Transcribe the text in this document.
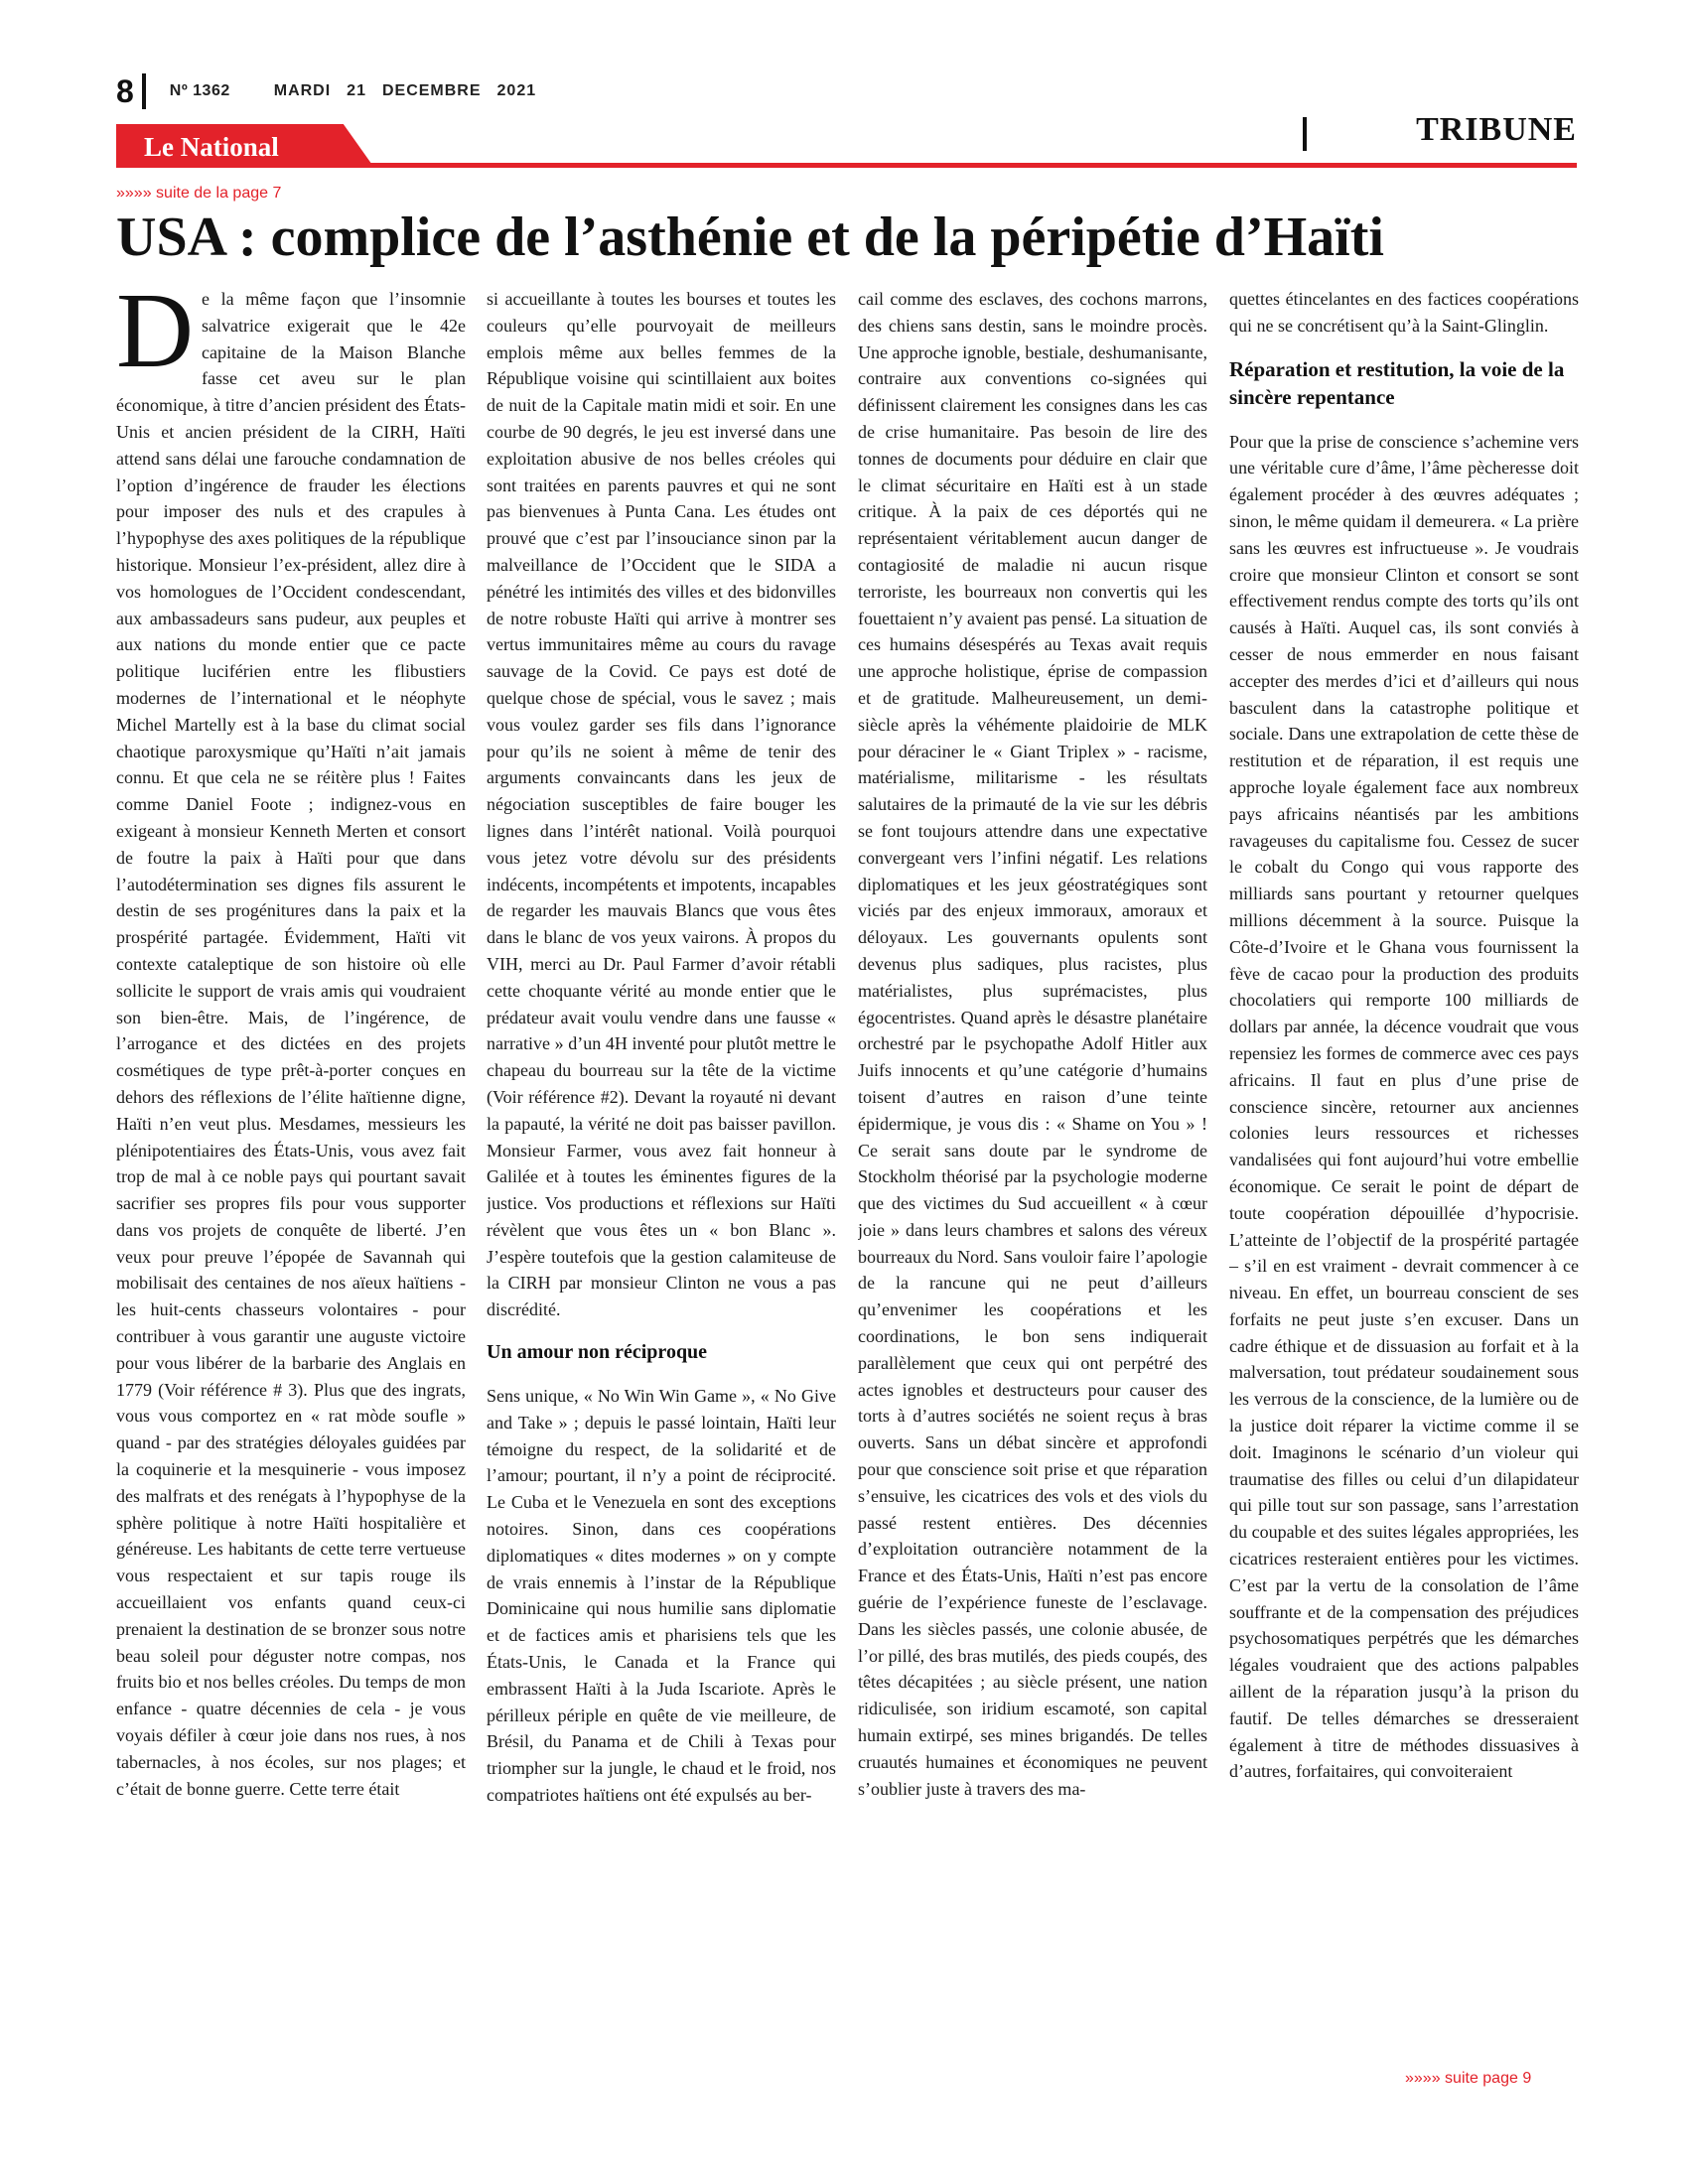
8 Nº 1362	MARDI 21 DECEMBRE 2021
Le National	TRIBUNE
»»»» suite de la page 7
USA : complice de l’asthénie et de la péripétie d’Haïti
D e la même façon que l’insomnie salvatrice exigerait que le 42e capitaine de la Maison Blanche fasse cet aveu sur le plan économique, à titre d’ancien président des États-Unis et ancien président de la CIRH, Haïti attend sans délai une farouche condamnation de l’option d’ingérence de frauder les élections pour imposer des nuls et des crapules à l’hypophyse des axes politiques de la république historique. Monsieur l’ex-président, allez dire à vos homologues de l’Occident condescendant, aux ambassadeurs sans pudeur, aux peuples et aux nations du monde entier que ce pacte politique luciférien entre les flibustiers modernes de l’international et le néophyte Michel Martelly est à la base du climat social chaotique paroxysmique qu’Haïti n’ait jamais connu. Et que cela ne se réitère plus ! Faites comme Daniel Foote ; indignez-vous en exigeant à monsieur Kenneth Merten et consort de foutre la paix à Haïti pour que dans l’autodétermination ses dignes fils assurent le destin de ses progénitures dans la paix et la prospérité partagée. Évidemment, Haïti vit contexte cataleptique de son histoire où elle sollicite le support de vrais amis qui voudraient son bien-être. Mais, de l’ingérence, de l’arrogance et des dictées en des projets cosmétiques de type prêt-à-porter conçues en dehors des réflexions de l’élite haïtienne digne, Haïti n’en veut plus. Mesdames, messieurs les plénipotentiaires des États-Unis, vous avez fait trop de mal à ce noble pays qui pourtant savait sacrifier ses propres fils pour vous supporter dans vos projets de conquête de liberté. J’en veux pour preuve l’épopée de Savannah qui mobilisait des centaines de nos aïeux haïtiens - les huit-cents chasseurs volontaires - pour contribuer à vous garantir une auguste victoire pour vous libérer de la barbarie des Anglais en 1779 (Voir référence # 3). Plus que des ingrats, vous vous comportez en « rat mòde soufle » quand - par des stratégies déloyales guidées par la coquinerie et la mesquinerie - vous imposez des malfrats et des renégats à l’hypophyse de la sphère politique à notre Haïti hospitalière et généreuse. Les habitants de cette terre vertueuse vous respectaient et sur tapis rouge ils accueillaient vos enfants quand ceux-ci prenaient la destination de se bronzer sous notre beau soleil pour déguster notre compas, nos fruits bio et nos belles créoles. Du temps de mon enfance - quatre décennies de cela - je vous voyais défiler à cœur joie dans nos rues, à nos tabernacles, à nos écoles, sur nos plages; et c’était de bonne guerre. Cette terre était

si accueillante à toutes les bourses et toutes les couleurs qu’elle pourvoyait de meilleurs emplois même aux belles femmes de la République voisine qui scintillaient aux boites de nuit de la Capitale matin midi et soir. En une courbe de 90 degrés, le jeu est inversé dans une exploitation abusive de nos belles créoles qui sont traitées en parents pauvres et qui ne sont pas bienvenues à Punta Cana. Les études ont prouvé que c’est par l’insouciance sinon par la malveillance de l’Occident que le SIDA a pénétré les intimités des villes et des bidonvilles de notre robuste Haïti qui arrive à montrer ses vertus immunitaires même au cours du ravage sauvage de la Covid. Ce pays est doté de quelque chose de spécial, vous le savez ; mais vous voulez garder ses fils dans l’ignorance pour qu’ils ne soient à même de tenir des arguments convaincants dans les jeux de négociation susceptibles de faire bouger les lignes dans l’intérêt national. Voilà pourquoi vous jetez votre dévolu sur des présidents indécents, incompétents et impotents, incapables de regarder les mauvais Blancs que vous êtes dans le blanc de vos yeux vairons. À propos du VIH, merci au Dr. Paul Farmer d’avoir rétabli cette choquante vérité au monde entier que le prédateur avait voulu vendre dans une fausse « narrative » d’un 4H inventé pour plutôt mettre le chapeau du bourreau sur la tête de la victime (Voir référence #2). Devant la royauté ni devant la papauté, la vérité ne doit pas baisser pavillon. Monsieur Farmer, vous avez fait honneur à Galilée et à toutes les éminentes figures de la justice. Vos productions et réflexions sur Haïti révèlent que vous êtes un « bon Blanc ». J’espère toutefois que la gestion calamiteuse de la CIRH par monsieur Clinton ne vous a pas discrédité.

Un amour non réciproque

Sens unique, « No Win Win Game », « No Give and Take » ; depuis le passé lointain, Haïti leur témoigne du respect, de la solidarité et de l’amour; pourtant, il n’y a point de réciprocité. Le Cuba et le Venezuela en sont des exceptions notoires. Sinon, dans ces coopérations diplomatiques « dites modernes » on y compte de vrais ennemis à l’instar de la République Dominicaine qui nous humilie sans diplomatie et de factices amis et pharisiens tels que les États-Unis, le Canada et la France qui embrassent Haïti à la Juda Iscariote. Après le périlleux périple en quête de vie meilleure, de Brésil, du Panama et de Chili à Texas pour triompher sur la jungle, le chaud et le froid, nos compatriotes haïtiens ont été expulsés au ber-

cail comme des esclaves, des cochons marrons, des chiens sans destin, sans le moindre procès. Une approche ignoble, bestiale, deshumanisante, contraire aux conventions co-signées qui définissent clairement les consignes dans les cas de crise humanitaire. Pas besoin de lire des tonnes de documents pour déduire en clair que le climat sécuritaire en Haïti est à un stade critique. À la paix de ces déportés qui ne représentaient véritablement aucun danger de contagiosité de maladie ni aucun risque terroriste, les bourreaux non convertis qui les fouettaient n’y avaient pas pensé. La situation de ces humains désespérés au Texas avait requis une approche holistique, éprise de compassion et de gratitude. Malheureusement, un demi-siècle après la véhémente plaidoirie de MLK pour déraciner le « Giant Triplex » - racisme, matérialisme, militarisme - les résultats salutaires de la primauté de la vie sur les débris se font toujours attendre dans une expectative convergeant vers l’infini négatif. Les relations diplomatiques et les jeux géostratégiques sont viciés par des enjeux immoraux, amoraux et déloyaux. Les gouvernants opulents sont devenus plus sadiques, plus racistes, plus matérialistes, plus suprémacistes, plus égocentristes. Quand après le désastre planétaire orchestré par le psychopathe Adolf Hitler aux Juifs innocents et qu’une catégorie d’humains toisent d’autres en raison d’une teinte épidermique, je vous dis : « Shame on You » ! Ce serait sans doute par le syndrome de Stockholm théorisé par la psychologie moderne que des victimes du Sud accueillent « à cœur joie » dans leurs chambres et salons des véreux bourreaux du Nord. Sans vouloir faire l’apologie de la rancune qui ne peut d’ailleurs qu’envenimer les coopérations et les coordinations, le bon sens indiquerait parallèlement que ceux qui ont perpétré des actes ignobles et destructeurs pour causer des torts à d’autres sociétés ne soient reçus à bras ouverts. Sans un débat sincère et approfondi pour que conscience soit prise et que réparation s’ensuive, les cicatrices des vols et des viols du passé restent entières. Des décennies d’exploitation outrancière notamment de la France et des États-Unis, Haïti n’est pas encore guérie de l’expérience funeste de l’esclavage. Dans les siècles passés, une colonie abusée, de l’or pillé, des bras mutilés, des pieds coupés, des têtes décapitées ; au siècle présent, une nation ridiculisée, son iridium escamoté, son capital humain extirpé, ses mines brigandés. De telles cruautés humaines et économiques ne peuvent s’oublier juste à travers des ma-

quettes étincelantes en des factices coopérations qui ne se concrétisent qu’à la Saint-Glinglin.

Réparation et restitution, la voie de la sincère repentance

Pour que la prise de conscience s’achemine vers une véritable cure d’âme, l’âme pècheresse doit également procéder à des œuvres adéquates ; sinon, le même quidam il demeurera. « La prière sans les œuvres est infructueuse ». Je voudrais croire que monsieur Clinton et consort se sont effectivement rendus compte des torts qu’ils ont causés à Haïti. Auquel cas, ils sont conviés à cesser de nous emmerder en nous faisant accepter des merdes d’ici et d’ailleurs qui nous basculent dans la catastrophe politique et sociale. Dans une extrapolation de cette thèse de restitution et de réparation, il est requis une approche loyale également face aux nombreux pays africains néantisés par les ambitions ravageuses du capitalisme fou. Cessez de sucer le cobalt du Congo qui vous rapporte des milliards sans pourtant y retourner quelques millions décemment à la source. Puisque la Côte-d’Ivoire et le Ghana vous fournissent la fève de cacao pour la production des produits chocolatiers qui remporte 100 milliards de dollars par année, la décence voudrait que vous repensiez les formes de commerce avec ces pays africains. Il faut en plus d’une prise de conscience sincère, retourner aux anciennes colonies leurs ressources et richesses vandalisées qui font aujourd’hui votre embellie économique. Ce serait le point de départ de toute coopération dépouillée d’hypocrisie. L’atteinte de l’objectif de la prospérité partagée – s’il en est vraiment - devrait commencer à ce niveau. En effet, un bourreau conscient de ses forfaits ne peut juste s’en excuser. Dans un cadre éthique et de dissuasion au forfait et à la malversation, tout prédateur soudainement sous les verrous de la conscience, de la lumière ou de la justice doit réparer la victime comme il se doit. Imaginons le scénario d’un violeur qui traumatise des filles ou celui d’un dilapidateur qui pille tout sur son passage, sans l’arrestation du coupable et des suites légales appropriées, les cicatrices resteraient entières pour les victimes. C’est par la vertu de la consolation de l’âme souffrante et de la compensation des préjudices psychosomatiques perpétrés que les démarches légales voudraient que des actions palpables aillent de la réparation jusqu’à la prison du fautif. De telles démarches se dresseraient également à titre de méthodes dissuasives à d’autres, forfaitaires, qui convoiteraient

»»»» suite page 9
